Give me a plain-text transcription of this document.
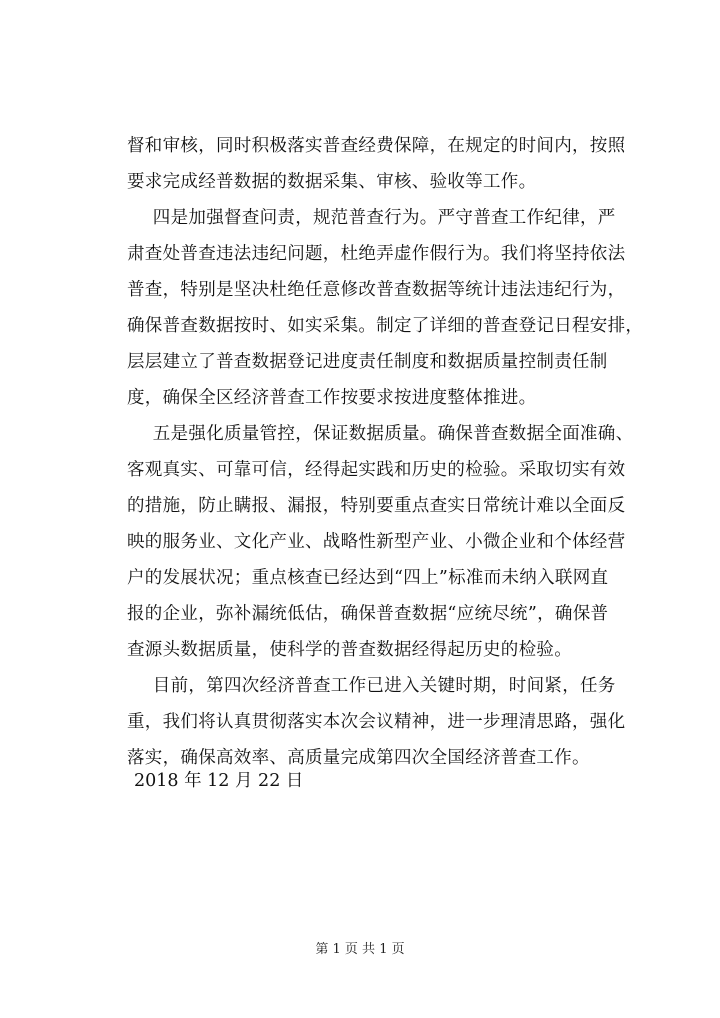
督和审核，同时积极落实普查经费保障，在规定的时间内，按照
要求完成经普数据的数据采集、审核、验收等工作。
　四是加强督查问责，规范普查行为。严守普查工作纪律，严
肃查处普查违法违纪问题，杜绝弄虚作假行为。我们将坚持依法
普查，特别是坚决杜绝任意修改普查数据等统计违法违纪行为，
确保普查数据按时、如实采集。制定了详细的普查登记日程安排，
层层建立了普查数据登记进度责任制度和数据质量控制责任制
度，确保全区经济普查工作按要求按进度整体推进。
　五是强化质量管控，保证数据质量。确保普查数据全面准确、
客观真实、可靠可信，经得起实践和历史的检验。采取切实有效
的措施，防止瞒报、漏报，特别要重点查实日常统计难以全面反
映的服务业、文化产业、战略性新型产业、小微企业和个体经营
户的发展状况；重点核查已经达到“四上”标准而未纳入联网直
报的企业，弥补漏统低估，确保普查数据“应统尽统”，确保普
查源头数据质量，使科学的普查数据经得起历史的检验。
　目前，第四次经济普查工作已进入关键时期，时间紧，任务
重，我们将认真贯彻落实本次会议精神，进一步理清思路，强化
落实，确保高效率、高质量完成第四次全国经济普查工作。
2018 年 12 月 22 日
第 1 页 共 1 页
